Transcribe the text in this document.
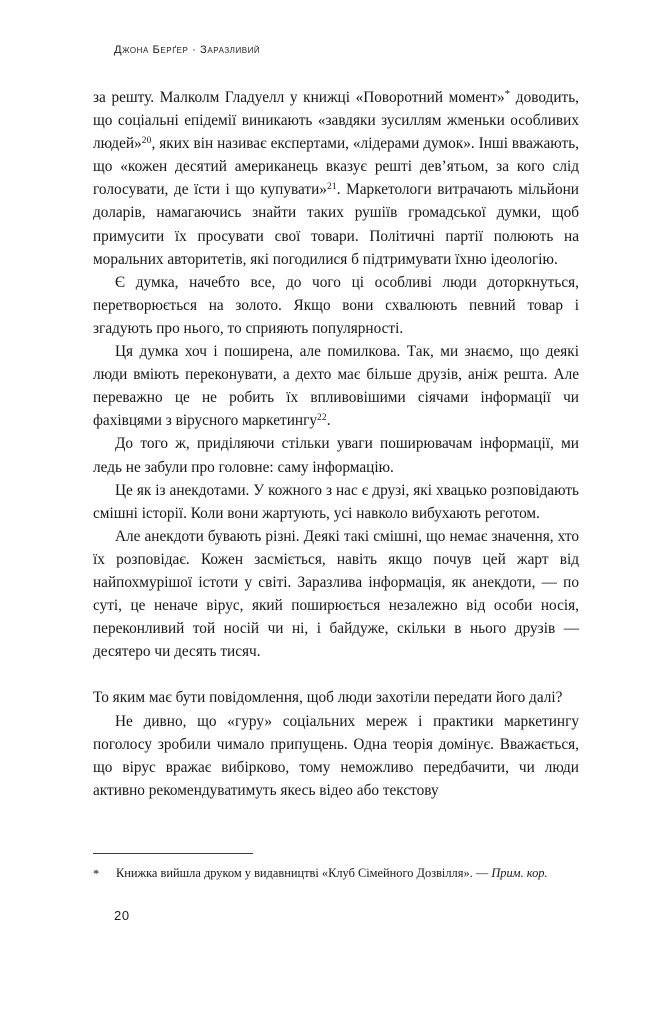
Джона Берґер · Заразливий

за решту. Малколм Гладуелл у книжці «Поворотний момент»* доводить, що соціальні епідемії виникають «завдяки зусиллям жменьки особливих людей»$^{20}$, яких він називає експертами, «лідерами думок». Інші вважають, що «кожен десятий американець вказує решті дев’ятьом, за кого слід голосувати, де їсти і що купувати»$^{21}$. Маркетологи витрачають мільйони доларів, намагаючись знайти таких рушіїв громадської думки, щоб примусити їх просувати свої товари. Політичні партії полюють на моральних авторитетів, які погодилися б підтримувати їхню ідеологію.

Є думка, начебто все, до чого ці особливі люди доторкнуться, перетворюється на золото. Якщо вони схвалюють певний товар і згадують про нього, то сприяють популярності.

Ця думка хоч і поширена, але помилкова. Так, ми знаємо, що деякі люди вміють переконувати, а дехто має більше друзів, аніж решта. Але переважно це не робить їх впливовішими сіячами інформації чи фахівцями з вірусного маркетингу$^{22}$.

До того ж, приділяючи стільки уваги поширювачам інформації, ми ледь не забули про головне: саму інформацію.

Це як із анекдотами. У кожного з нас є друзі, які хвацько розповідають смішні історії. Коли вони жартують, усі навколо вибухають реготом.

Але анекдоти бувають різні. Деякі такі смішні, що немає значення, хто їх розповідає. Кожен засміється, навіть якщо почув цей жарт від найпохмурішої істоти у світі. Заразлива інформація, як анекдоти, — по суті, це неначе вірус, який поширюється незалежно від особи носія, переконливий той носій чи ні, і байдуже, скільки в нього друзів — десятеро чи десять тисяч.

То яким має бути повідомлення, щоб люди захотіли передати його далі?

Не дивно, що «гуру» соціальних мереж і практики маркетингу поголосу зробили чимало припущень. Одна теорія домінує. Вважається, що вірус вражає вибірково, тому неможливо передбачити, чи люди активно рекомендуватимуть якесь відео або текстову

* Книжка вийшла друком у видавництві «Клуб Сімейного Дозвілля». — Прим. кор.
20
